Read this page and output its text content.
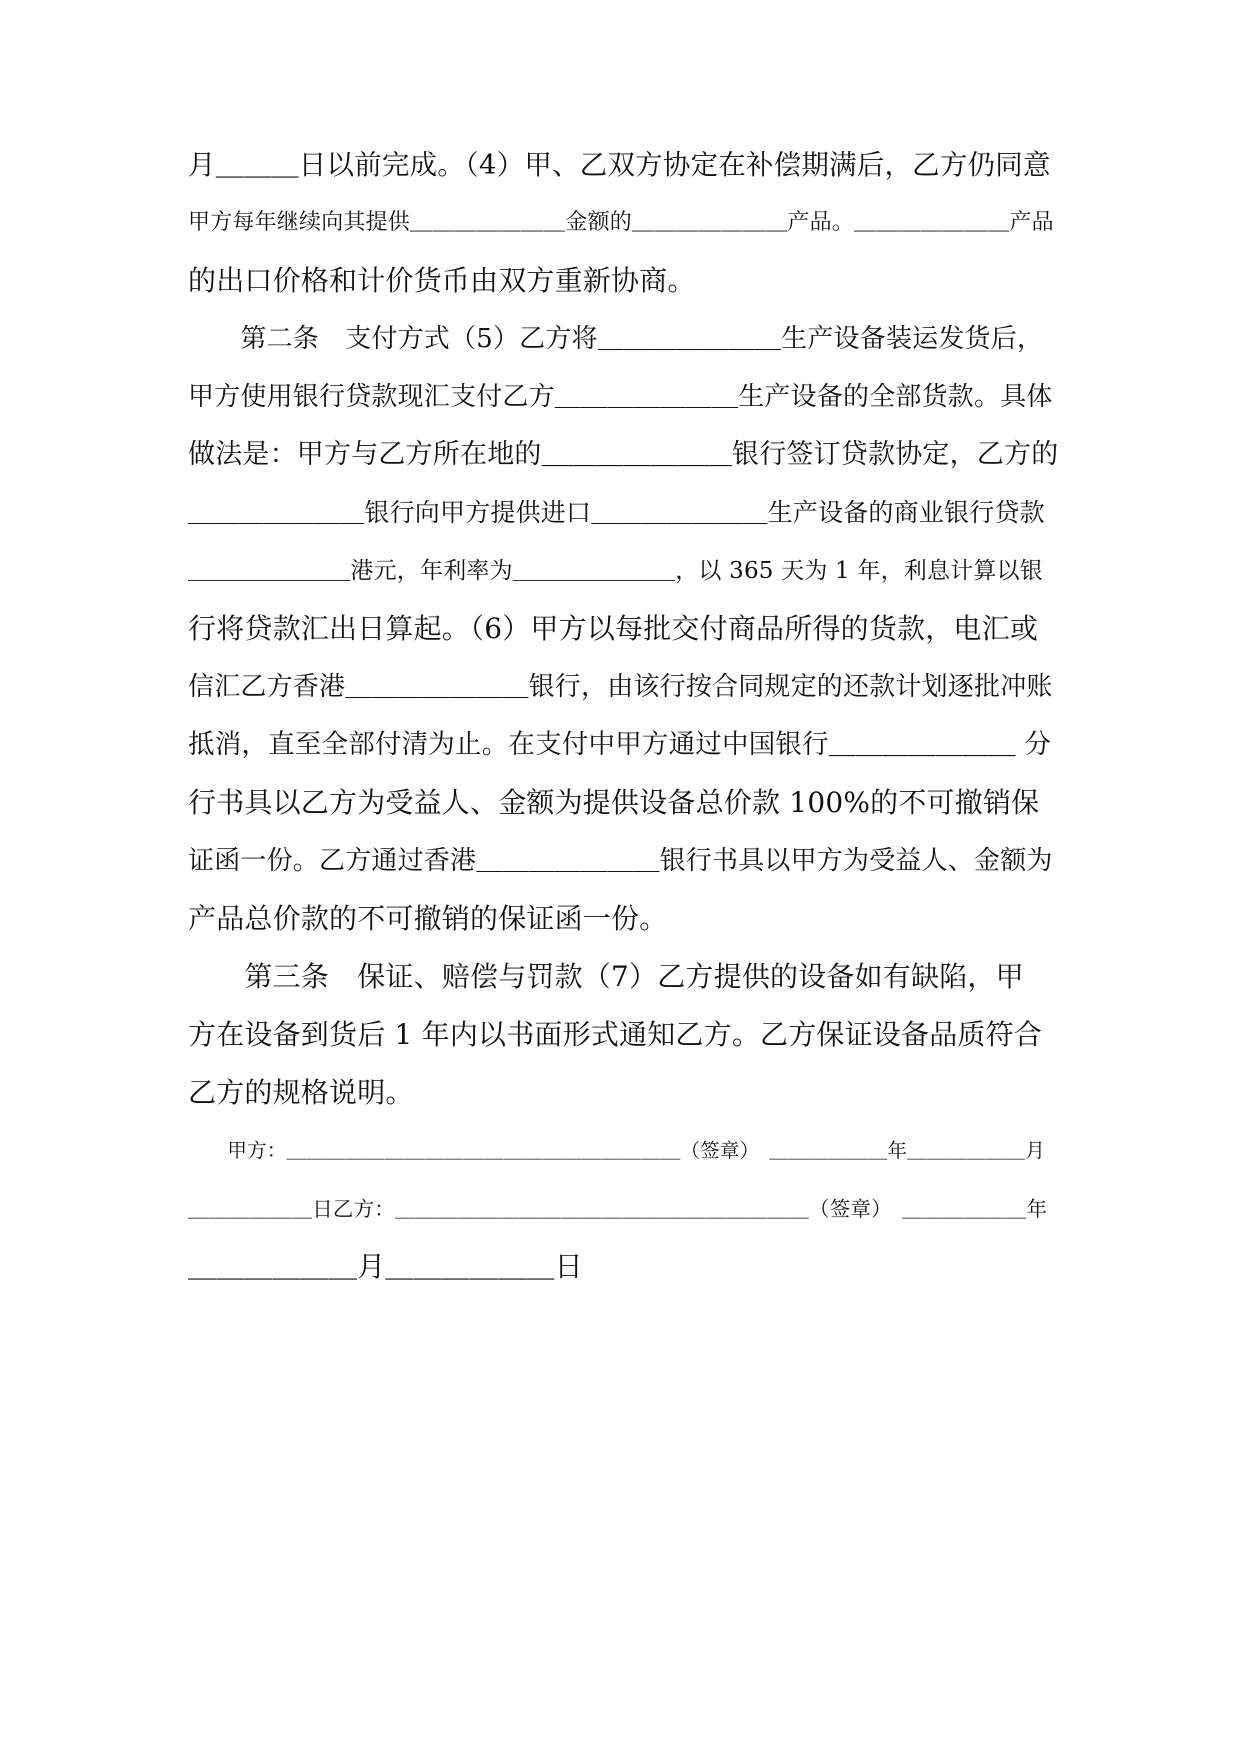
月＿＿＿日以前完成。（4）甲、乙双方协定在补偿期满后，乙方仍同意
甲方每年继续向其提供＿＿＿＿＿＿＿金额的＿＿＿＿＿＿＿产品。＿＿＿＿＿＿＿产品
的出口价格和计价货币由双方重新协商。
　　第二条　支付方式（5）乙方将＿＿＿＿＿＿＿生产设备装运发货后，
甲方使用银行贷款现汇支付乙方＿＿＿＿＿＿＿生产设备的全部货款。具体
做法是：甲方与乙方所在地的＿＿＿＿＿＿＿银行签订贷款协定，乙方的
＿＿＿＿＿＿＿银行向甲方提供进口＿＿＿＿＿＿＿生产设备的商业银行贷款
＿＿＿＿＿＿＿港元，年利率为＿＿＿＿＿＿＿，以 365 天为 1 年，利息计算以银
行将贷款汇出日算起。（6）甲方以每批交付商品所得的货款，电汇或
信汇乙方香港＿＿＿＿＿＿＿银行，由该行按合同规定的还款计划逐批冲账
抵消，直至全部付清为止。在支付中甲方通过中国银行＿＿＿＿＿＿＿ 分
行书具以乙方为受益人、金额为提供设备总价款 100%的不可撤销保
证函一份。乙方通过香港＿＿＿＿＿＿＿银行书具以甲方为受益人、金额为
产品总价款的不可撤销的保证函一份。
　　第三条　保证、赔偿与罚款（7）乙方提供的设备如有缺陷，甲
方在设备到货后 1 年内以书面形式通知乙方。乙方保证设备品质符合
乙方的规格说明。
　　甲方：＿＿＿＿＿＿＿＿＿＿＿＿＿＿＿＿＿＿＿＿（签章）　＿＿＿＿＿＿年＿＿＿＿＿＿月
＿＿＿＿＿＿日乙方：＿＿＿＿＿＿＿＿＿＿＿＿＿＿＿＿＿＿＿＿（签章）　＿＿＿＿＿＿年
＿＿＿＿＿＿月＿＿＿＿＿＿日
